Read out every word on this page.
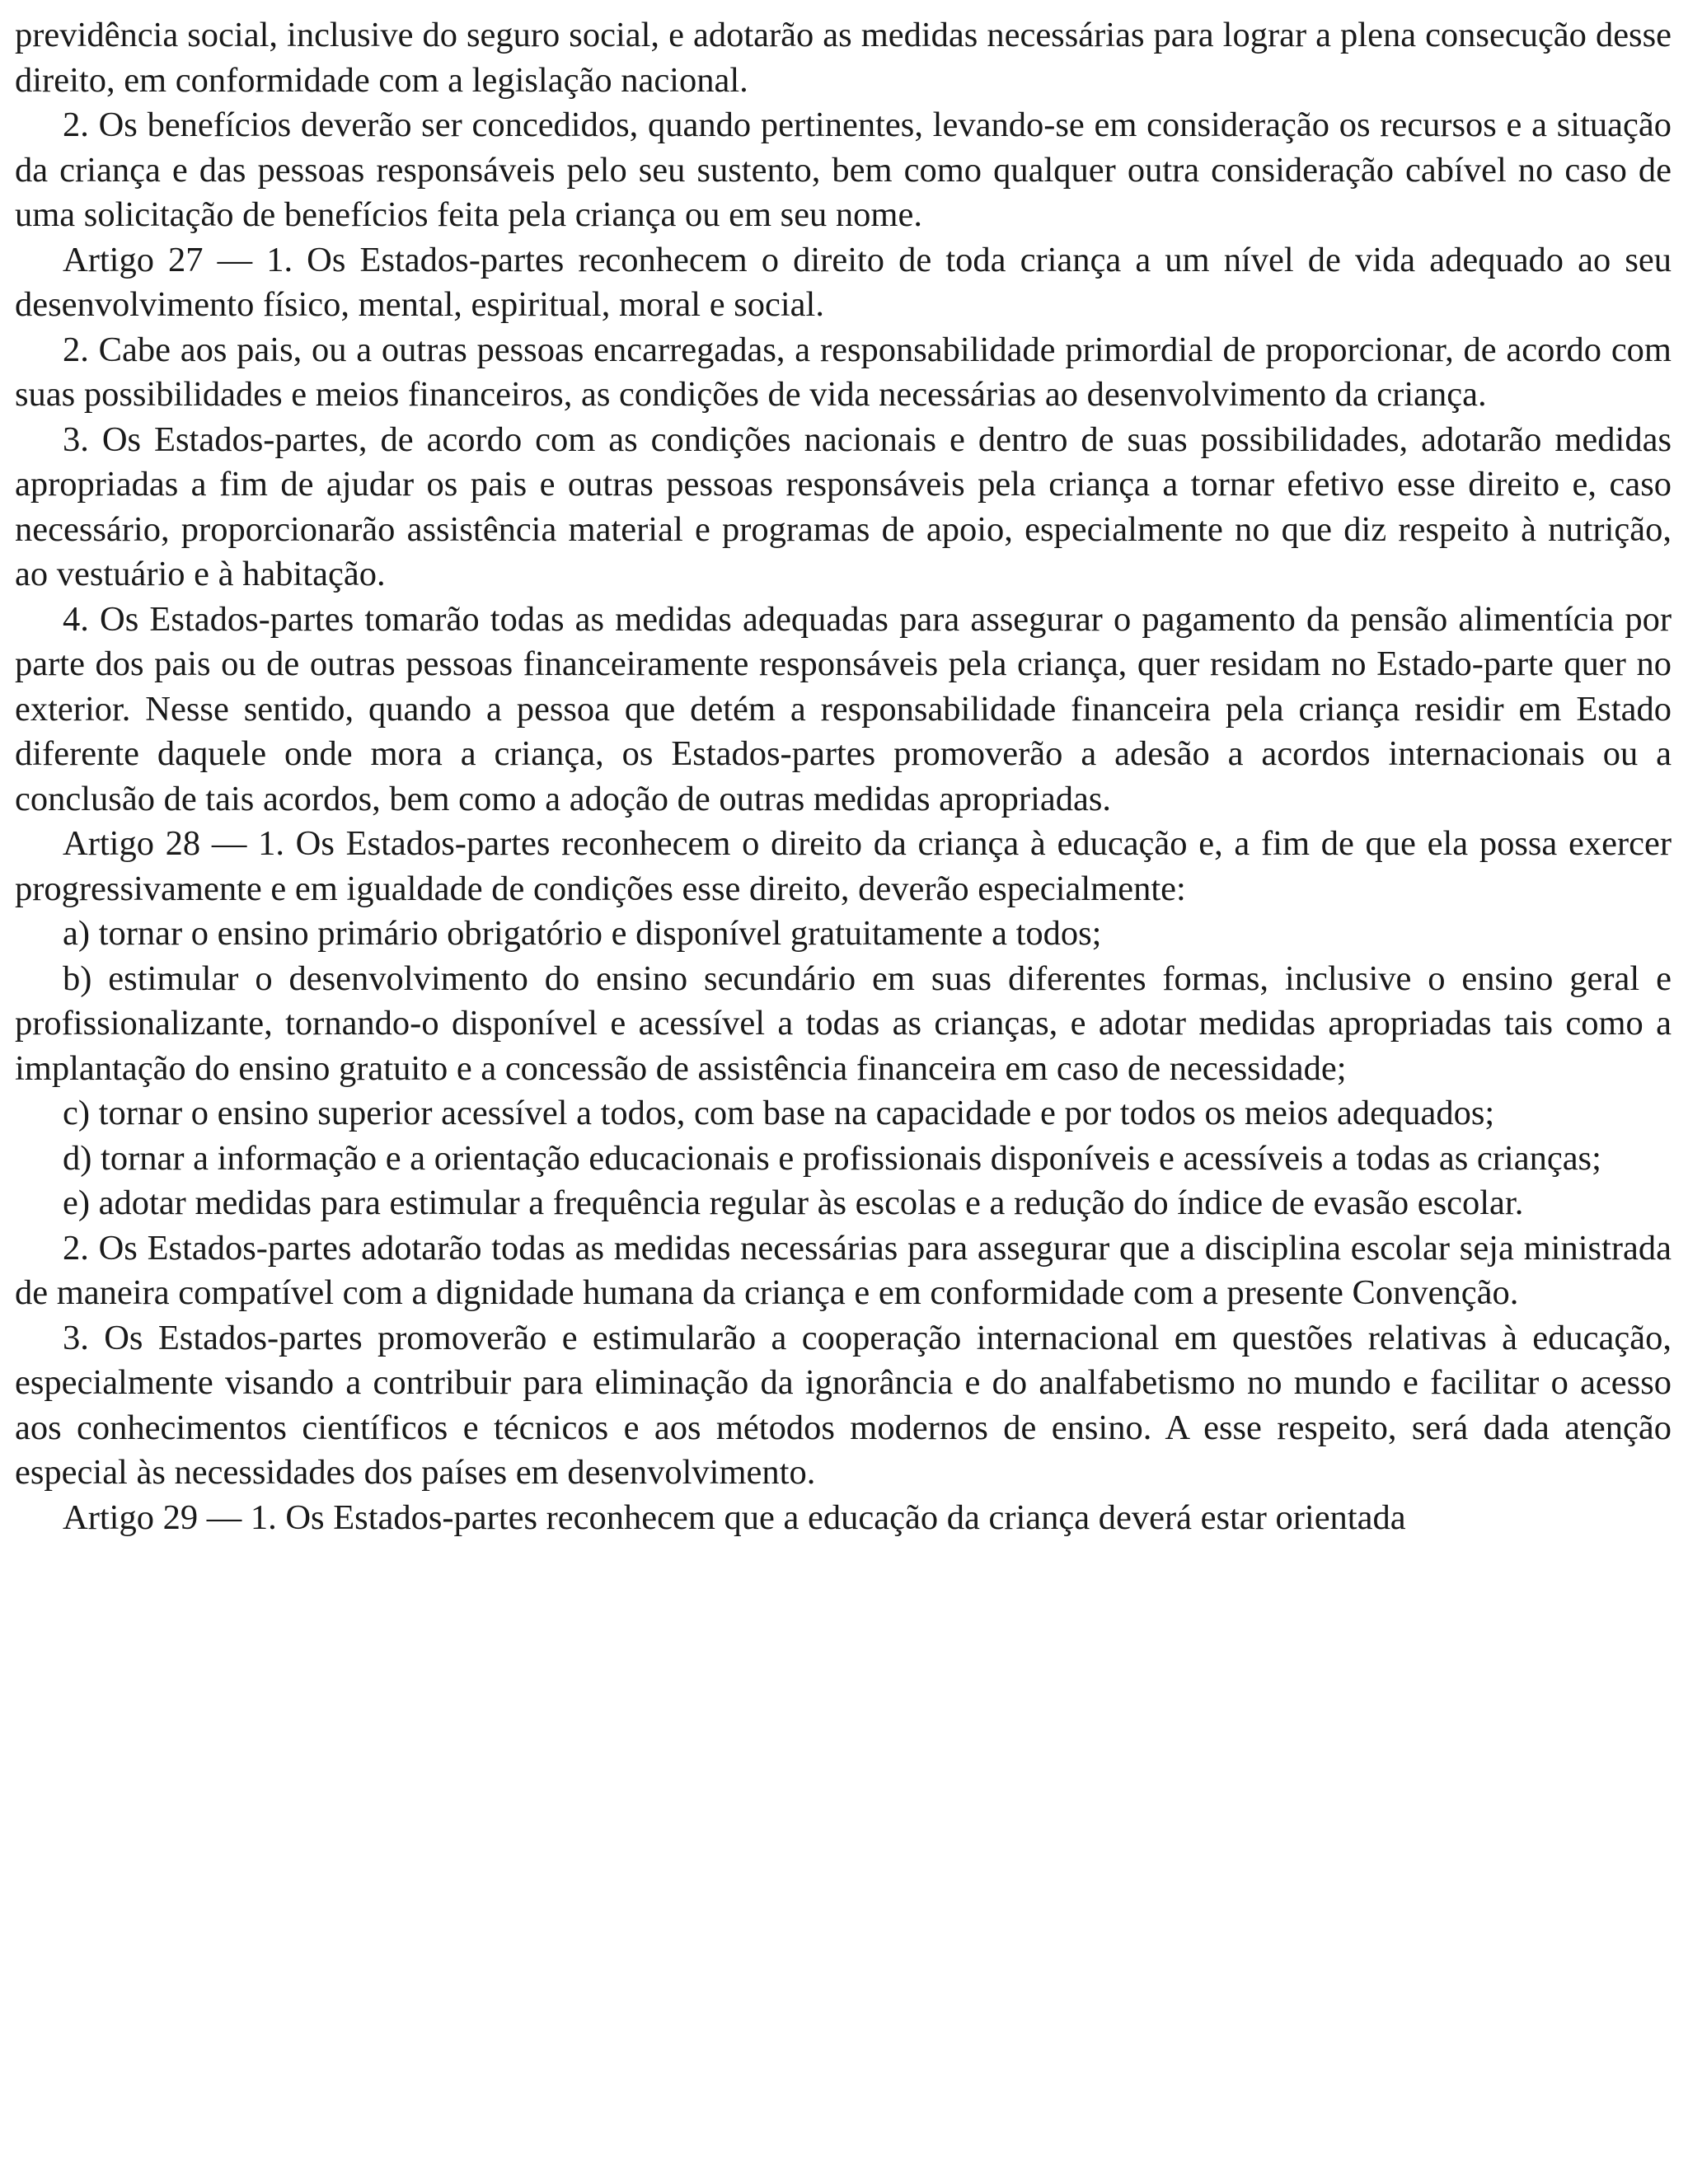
previdência social, inclusive do seguro social, e adotarão as medidas necessárias para lograr a plena consecução desse direito, em conformidade com a legislação nacional.

2. Os benefícios deverão ser concedidos, quando pertinentes, levando-se em consideração os recursos e a situação da criança e das pessoas responsáveis pelo seu sustento, bem como qualquer outra consideração cabível no caso de uma solicitação de benefícios feita pela criança ou em seu nome.

Artigo 27 — 1. Os Estados-partes reconhecem o direito de toda criança a um nível de vida adequado ao seu desenvolvimento físico, mental, espiritual, moral e social.

2. Cabe aos pais, ou a outras pessoas encarregadas, a responsabilidade primordial de proporcionar, de acordo com suas possibilidades e meios financeiros, as condições de vida necessárias ao desenvolvimento da criança.

3. Os Estados-partes, de acordo com as condições nacionais e dentro de suas possibilidades, adotarão medidas apropriadas a fim de ajudar os pais e outras pessoas responsáveis pela criança a tornar efetivo esse direito e, caso necessário, proporcionarão assistência material e programas de apoio, especialmente no que diz respeito à nutrição, ao vestuário e à habitação.

4. Os Estados-partes tomarão todas as medidas adequadas para assegurar o pagamento da pensão alimentícia por parte dos pais ou de outras pessoas financeiramente responsáveis pela criança, quer residam no Estado-parte quer no exterior. Nesse sentido, quando a pessoa que detém a responsabilidade financeira pela criança residir em Estado diferente daquele onde mora a criança, os Estados-partes promoverão a adesão a acordos internacionais ou a conclusão de tais acordos, bem como a adoção de outras medidas apropriadas.

Artigo 28 — 1. Os Estados-partes reconhecem o direito da criança à educação e, a fim de que ela possa exercer progressivamente e em igualdade de condições esse direito, deverão especialmente:

a) tornar o ensino primário obrigatório e disponível gratuitamente a todos;

b) estimular o desenvolvimento do ensino secundário em suas diferentes formas, inclusive o ensino geral e profissionalizante, tornando-o disponível e acessível a todas as crianças, e adotar medidas apropriadas tais como a implantação do ensino gratuito e a concessão de assistência financeira em caso de necessidade;

c) tornar o ensino superior acessível a todos, com base na capacidade e por todos os meios adequados;

d) tornar a informação e a orientação educacionais e profissionais disponíveis e acessíveis a todas as crianças;

e) adotar medidas para estimular a frequência regular às escolas e a redução do índice de evasão escolar.

2. Os Estados-partes adotarão todas as medidas necessárias para assegurar que a disciplina escolar seja ministrada de maneira compatível com a dignidade humana da criança e em conformidade com a presente Convenção.

3. Os Estados-partes promoverão e estimularão a cooperação internacional em questões relativas à educação, especialmente visando a contribuir para eliminação da ignorância e do analfabetismo no mundo e facilitar o acesso aos conhecimentos científicos e técnicos e aos métodos modernos de ensino. A esse respeito, será dada atenção especial às necessidades dos países em desenvolvimento.

Artigo 29 — 1. Os Estados-partes reconhecem que a educação da criança deverá estar orientada
